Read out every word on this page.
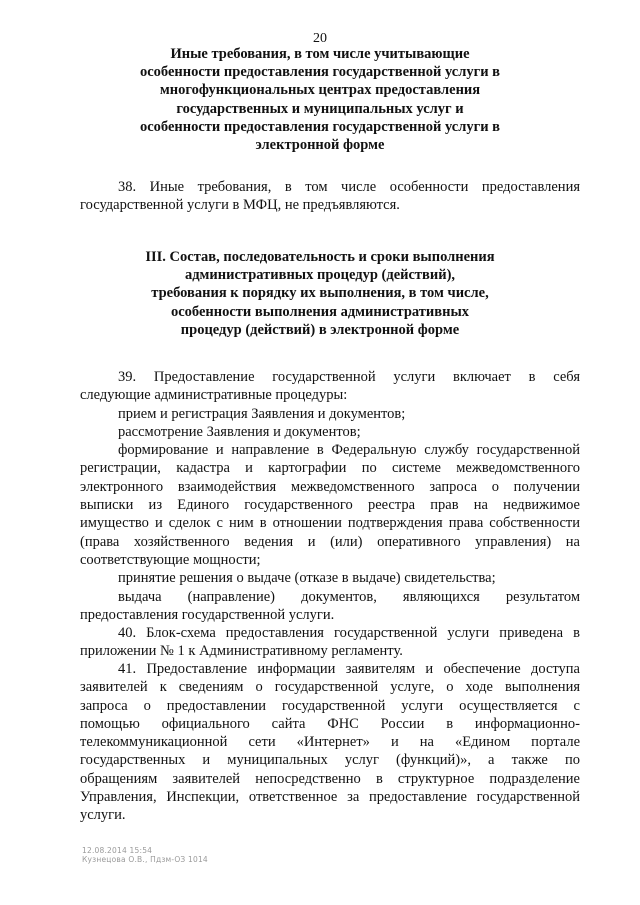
20
Иные требования, в том числе учитывающие
особенности предоставления государственной услуги в
многофункциональных центрах предоставления
государственных и муниципальных услуг и
особенности предоставления государственной услуги в
электронной форме
38. Иные требования, в том числе особенности предоставления
государственной услуги в МФЦ, не предъявляются.
III. Состав, последовательность и сроки выполнения
административных процедур (действий),
требования к порядку их выполнения, в том числе,
особенности выполнения административных
процедур (действий) в электронной форме
39. Предоставление государственной услуги включает в себя
следующие административные процедуры:
прием и регистрация Заявления и документов;
рассмотрение Заявления и документов;
формирование и направление в Федеральную службу государственной
регистрации, кадастра и картографии по системе межведомственного
электронного взаимодействия межведомственного запроса о получении
выписки из Единого государственного реестра прав на недвижимое
имущество и сделок с ним в отношении подтверждения права собственности
(права хозяйственного ведения и (или) оперативного управления) на
соответствующие мощности;
принятие решения о выдаче (отказе в выдаче) свидетельства;
выдача (направление) документов, являющихся результатом
предоставления государственной услуги.
40. Блок-схема предоставления государственной услуги приведена в
приложении № 1 к Административному регламенту.
41. Предоставление информации заявителям и обеспечение доступа
заявителей к сведениям о государственной услуге, о ходе выполнения
запроса о предоставлении государственной услуги осуществляется с
помощью официального сайта ФНС России в информационно-
телекоммуникационной сети «Интернет» и на «Едином портале
государственных и муниципальных услуг (функций)», а также по
обращениям заявителей непосредственно в структурное подразделение
Управления, Инспекции, ответственное за предоставление государственной
услуги.
12.08.2014 15:54
Кузнецова О.В., Пдзм-ОЗ 1014
